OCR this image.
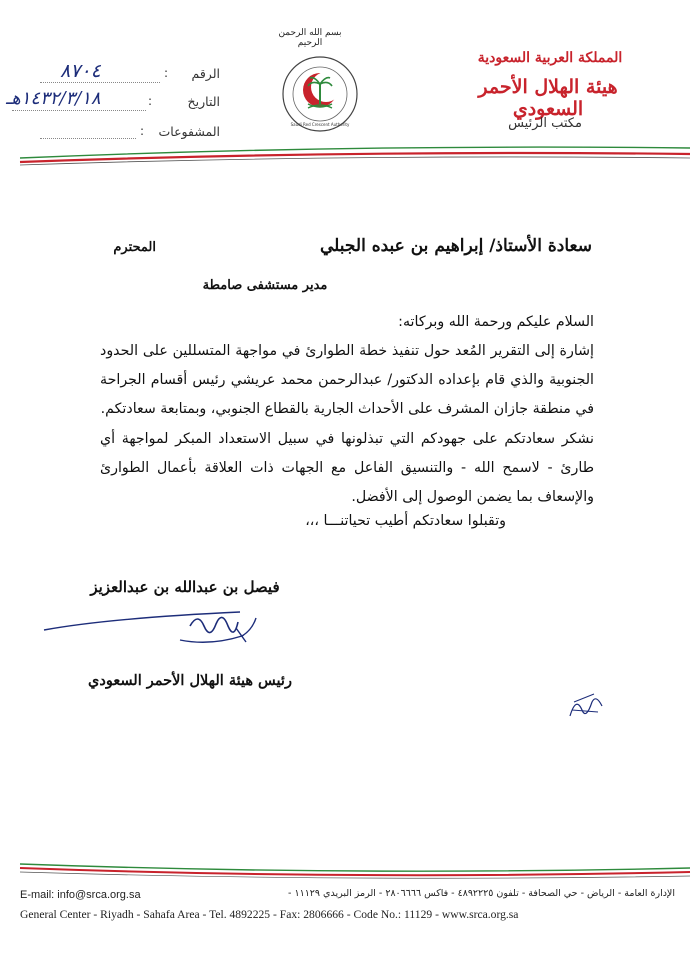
بسم الله الرحمن الرحيم
Saudi Red Crescent Authority
المملكة العربية السعودية
هيئة الهلال الأحمر السعودي
مكتب الرئيس
الرقم
:
٨٧٠٤
التاريخ
:
١٤٣٢/٣/١٨هـ
المشفوعات
:
سعادة الأستاذ/ إبراهيم بن عبده الجبلي
المحترم
مدير مستشفى صامطة
السلام عليكم ورحمة الله وبركاته:
إشارة إلى التقرير المُعد حول تنفيذ خطة الطوارئ في مواجهة المتسللين على الحدود الجنوبية والذي قام بإعداده الدكتور/ عبدالرحمن محمد عريشي رئيس أقسام الجراحة في منطقة جازان المشرف على الأحداث الجارية بالقطاع الجنوبي، وبمتابعة سعادتكم.
نشكر سعادتكم على جهودكم التي تبذلونها في سبيل الاستعداد المبكر لمواجهة أي طارئ - لاسمح الله - والتنسيق الفاعل مع الجهات ذات العلاقة بأعمال الطوارئ والإسعاف بما يضمن الوصول إلى الأفضل.
وتقبلوا سعادتكم أطيب تحياتنـــا ،،،
فيصل بن عبدالله بن عبدالعزيز
رئيس هيئة الهلال الأحمر السعودي
الإدارة العامة - الرياض - حي الصحافة - تلفون ٤٨٩٢٢٢٥ - فاكس ٢٨٠٦٦٦٦ - الرمز البريدي ١١١٢٩ -
E-mail: info@srca.org.sa
General Center - Riyadh - Sahafa Area - Tel. 4892225 - Fax: 2806666 - Code No.: 11129 - www.srca.org.sa
